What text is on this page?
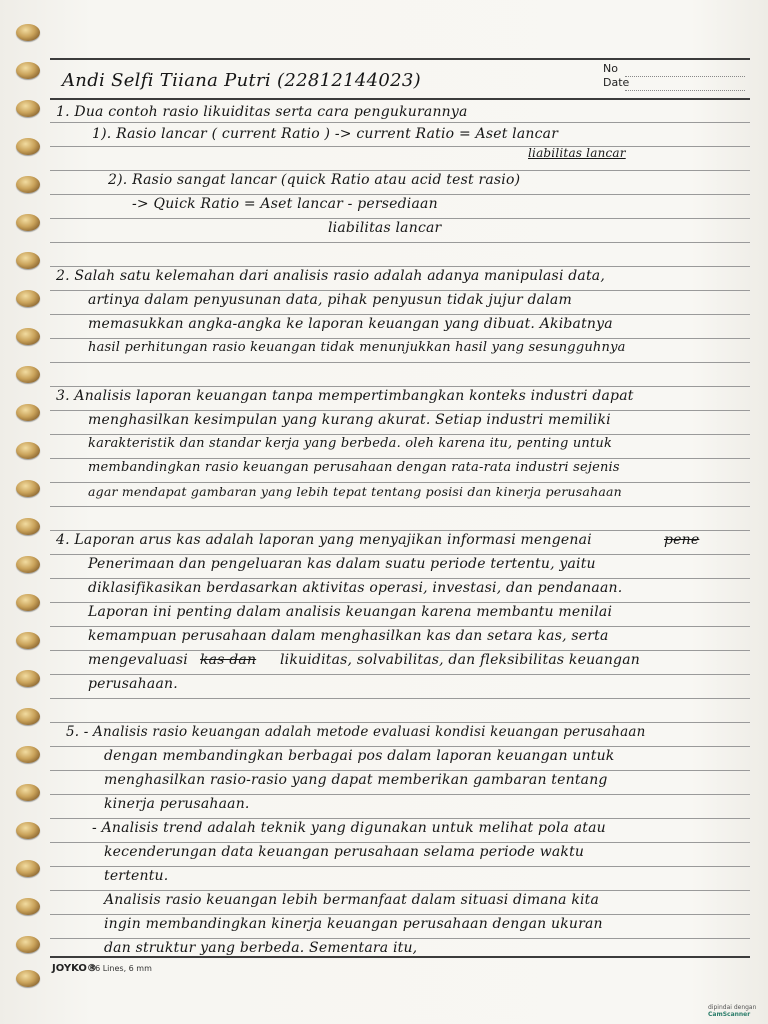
Andi Selfi Tiiana Putri (22812144023)
No
Date
1. Dua contoh rasio likuiditas serta cara pengukurannya
1). Rasio lancar ( current Ratio ) -> current Ratio = Aset lancar
liabilitas lancar
2). Rasio sangat lancar (quick Ratio atau acid test rasio)
-> Quick Ratio = Aset lancar - persediaan
liabilitas lancar
2. Salah satu kelemahan dari analisis rasio adalah adanya manipulasi data,
artinya dalam penyusunan data, pihak penyusun tidak jujur dalam
memasukkan angka-angka ke laporan keuangan yang dibuat. Akibatnya
hasil perhitungan rasio keuangan tidak menunjukkan hasil yang sesungguhnya
3. Analisis laporan keuangan tanpa mempertimbangkan konteks industri dapat
menghasilkan kesimpulan yang kurang akurat. Setiap industri memiliki
karakteristik dan standar kerja yang berbeda. oleh karena itu, penting untuk
membandingkan rasio keuangan perusahaan dengan rata-rata industri sejenis
agar mendapat gambaran yang lebih tepat tentang posisi dan kinerja perusahaan
4. Laporan arus kas adalah laporan yang menyajikan informasi mengenai	pene
Penerimaan dan pengeluaran kas dalam suatu periode tertentu, yaitu
diklasifikasikan berdasarkan aktivitas operasi, investasi, dan pendanaan.
Laporan ini penting dalam analisis keuangan karena membantu menilai
kemampuan perusahaan dalam menghasilkan kas dan setara kas, serta
mengevaluasi kas dan likuiditas, solvabilitas, dan fleksibilitas keuangan
perusahaan.
5. - Analisis rasio keuangan adalah metode evaluasi kondisi keuangan perusahaan
dengan membandingkan berbagai pos dalam laporan keuangan untuk
menghasilkan rasio-rasio yang dapat memberikan gambaran tentang
kinerja perusahaan.
- Analisis trend adalah teknik yang digunakan untuk melihat pola atau
kecenderungan data keuangan perusahaan selama periode waktu
tertentu.
Analisis rasio keuangan lebih bermanfaat dalam situasi dimana kita
ingin membandingkan kinerja keuangan perusahaan dengan ukuran
dan struktur yang berbeda. Sementara itu,
JOYKO®
36 Lines, 6 mm
dipindai dengan
CamScanner
